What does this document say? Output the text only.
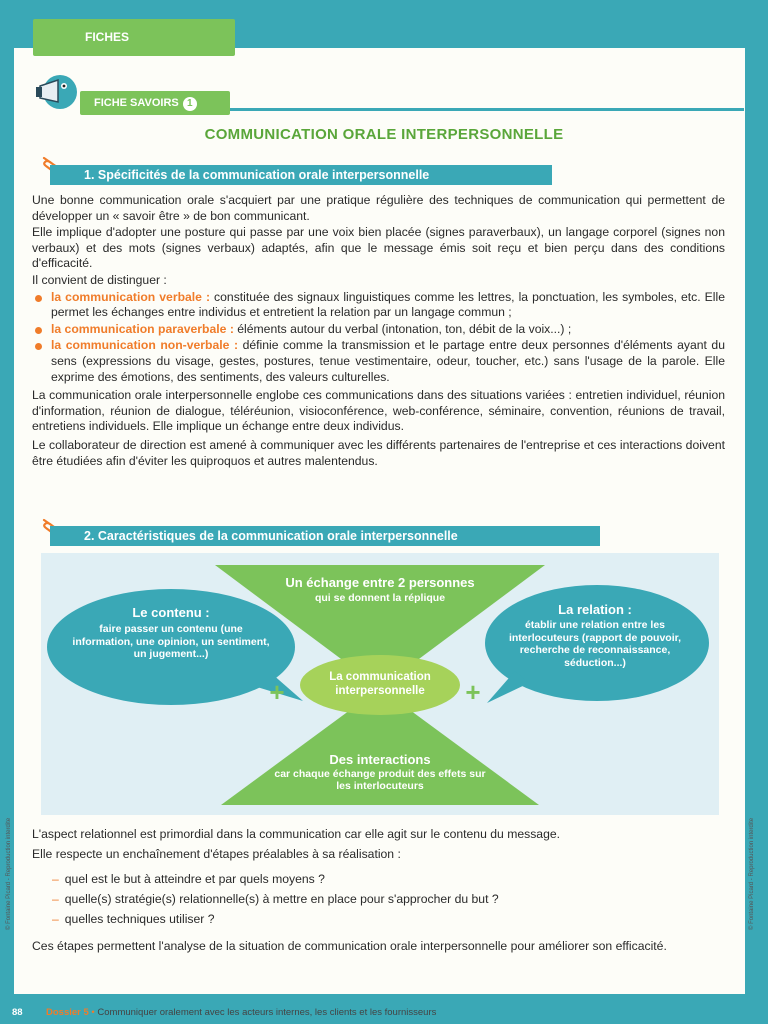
FICHES
FICHE SAVOIRS 1
COMMUNICATION ORALE INTERPERSONNELLE
1. Spécificités de la communication orale interpersonnelle

Une bonne communication orale s'acquiert par une pratique régulière des techniques de communication qui permettent de développer un « savoir être » de bon communicant.

Elle implique d'adopter une posture qui passe par une voix bien placée (signes paraverbaux), un langage corporel (signes non verbaux) et des mots (signes verbaux) adaptés, afin que le message émis soit reçu et bien perçu dans des conditions d'efficacité.

Il convient de distinguer :

la communication verbale : constituée des signaux linguistiques comme les lettres, la ponctuation, les symboles, etc. Elle permet les échanges entre individus et entretient la relation par un langage commun ;

la communication paraverbale : éléments autour du verbal (intonation, ton, débit de la voix...) ;

la communication non-verbale : définie comme la transmission et le partage entre deux personnes d'éléments ayant du sens (expressions du visage, gestes, postures, tenue vestimentaire, odeur, toucher, etc.) sans l'usage de la parole. Elle exprime des émotions, des sentiments, des valeurs culturelles.

La communication orale interpersonnelle englobe ces communications dans des situations variées : entretien individuel, réunion d'information, réunion de dialogue, téléréunion, visioconférence, web-conférence, séminaire, convention, réunions de travail, entretiens individuels. Elle implique un échange entre deux individus.

Le collaborateur de direction est amené à communiquer avec les différents partenaires de l'entreprise et ces interactions doivent être étudiées afin d'éviter les quiproquos et autres malentendus.

2. Caractéristiques de la communication orale interpersonnelle
Un échange entre 2 personnes
qui se donnent la réplique
Le contenu :
faire passer un contenu (une information, une opinion, un sentiment, un jugement...)
La relation :
établir une relation entre les interlocuteurs (rapport de pouvoir, recherche de reconnaissance, séduction...)
La communication interpersonnelle
Des interactions
car chaque échange produit des effets sur les interlocuteurs
+	+

L'aspect relationnel est primordial dans la communication car elle agit sur le contenu du message.

Elle respecte un enchaînement d'étapes préalables à sa réalisation :

– quel est le but à atteindre et par quels moyens ?
– quelle(s) stratégie(s) relationnelle(s) à mettre en place pour s'approcher du but ?
– quelles techniques utiliser ?

Ces étapes permettent l'analyse de la situation de communication orale interpersonnelle pour améliorer son efficacité.

© Fontaine Picard - Reproduction interdite	© Fontaine Picard - Reproduction interdite
88	Dossier 5 • Communiquer oralement avec les acteurs internes, les clients et les fournisseurs
